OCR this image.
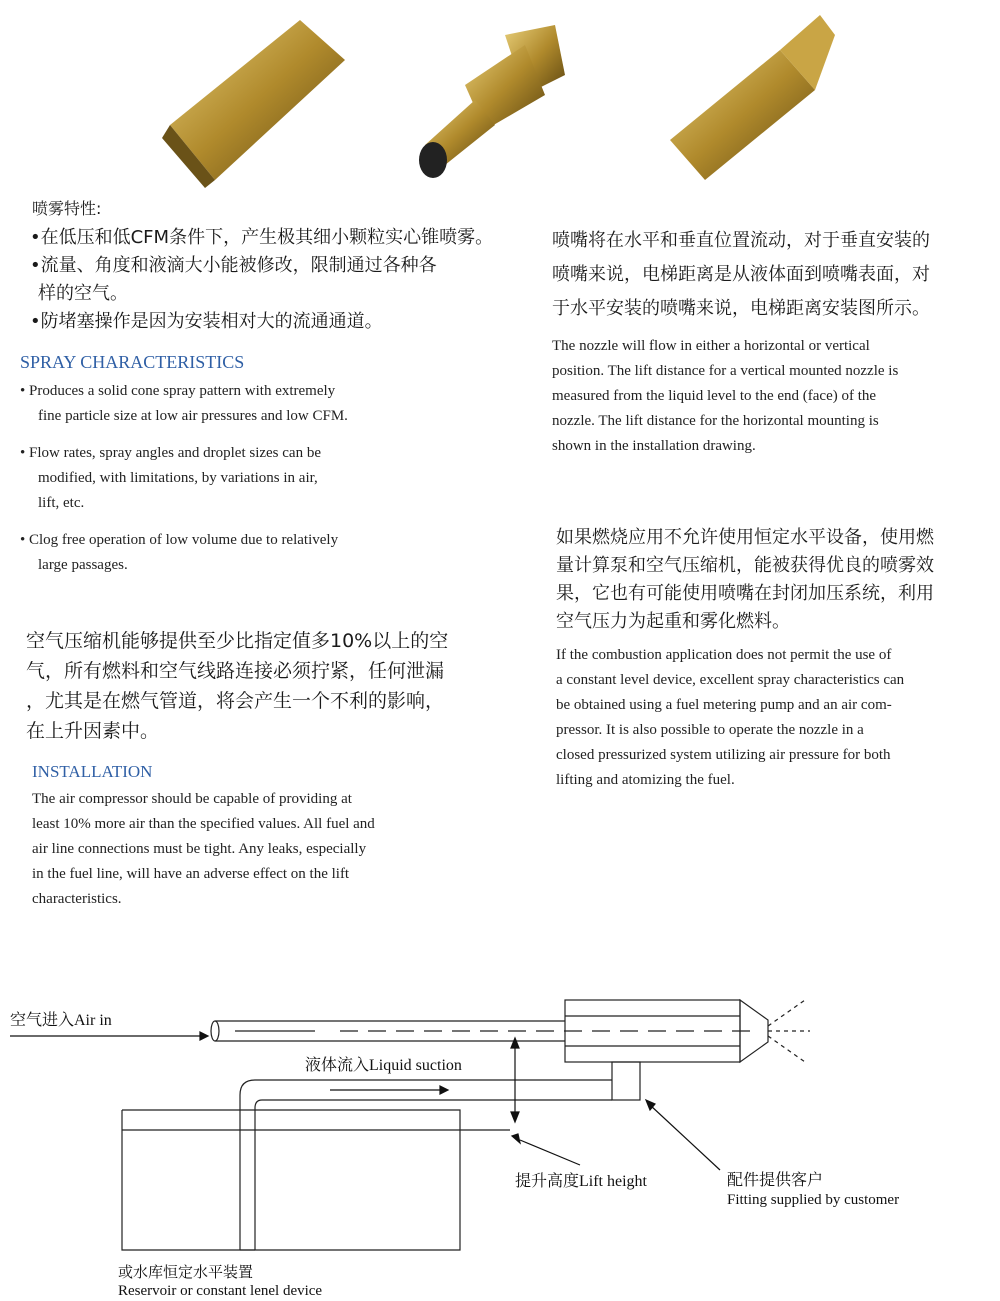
喷雾特性:
•在低压和低CFM条件下，产生极其细小颗粒实心锥喷雾。
•流量、角度和液滴大小能被修改，限制通过各种各
样的空气。
•防堵塞操作是因为安装相对大的流通通道。
SPRAY CHARACTERISTICS
• Produces a solid cone spray pattern with extremely
fine particle size at low air pressures and low CFM.
• Flow rates, spray angles and droplet sizes can be
modified, with limitations, by variations in air,
lift, etc.
• Clog free operation of low volume due to relatively
large passages.
空气压缩机能够提供至少比指定值多10%以上的空
气，所有燃料和空气线路连接必须拧紧，任何泄漏
，尤其是在燃气管道，将会产生一个不利的影响，
在上升因素中。
INSTALLATION
The air compressor should be capable of providing at
least 10% more air than the specified values. All fuel and
air line connections must be tight. Any leaks, especially
in the fuel line, will have an adverse effect on the lift
characteristics.
喷嘴将在水平和垂直位置流动，对于垂直安装的
喷嘴来说，电梯距离是从液体面到喷嘴表面，对
于水平安装的喷嘴来说，电梯距离安装图所示。
The nozzle will flow in either a horizontal or vertical
position. The lift distance for a vertical mounted nozzle is
measured from the liquid level to the end (face) of the
nozzle. The lift distance for the horizontal mounting is
shown in the installation drawing.
如果燃烧应用不允许使用恒定水平设备，使用燃
量计算泵和空气压缩机，能被获得优良的喷雾效
果，它也有可能使用喷嘴在封闭加压系统，利用
空气压力为起重和雾化燃料。
If the combustion application does not permit the use of
a constant level device, excellent spray characteristics can
be obtained using a fuel metering pump and an air com-
pressor. It is also possible to operate the nozzle in a
closed pressurized system utilizing air pressure for both
lifting and atomizing the fuel.
空气进入Air in
液体流入Liquid suction
提升高度Lift height	配件提供客户
Fitting supplied by customer
或水库恒定水平装置
Reservoir or constant lenel device
